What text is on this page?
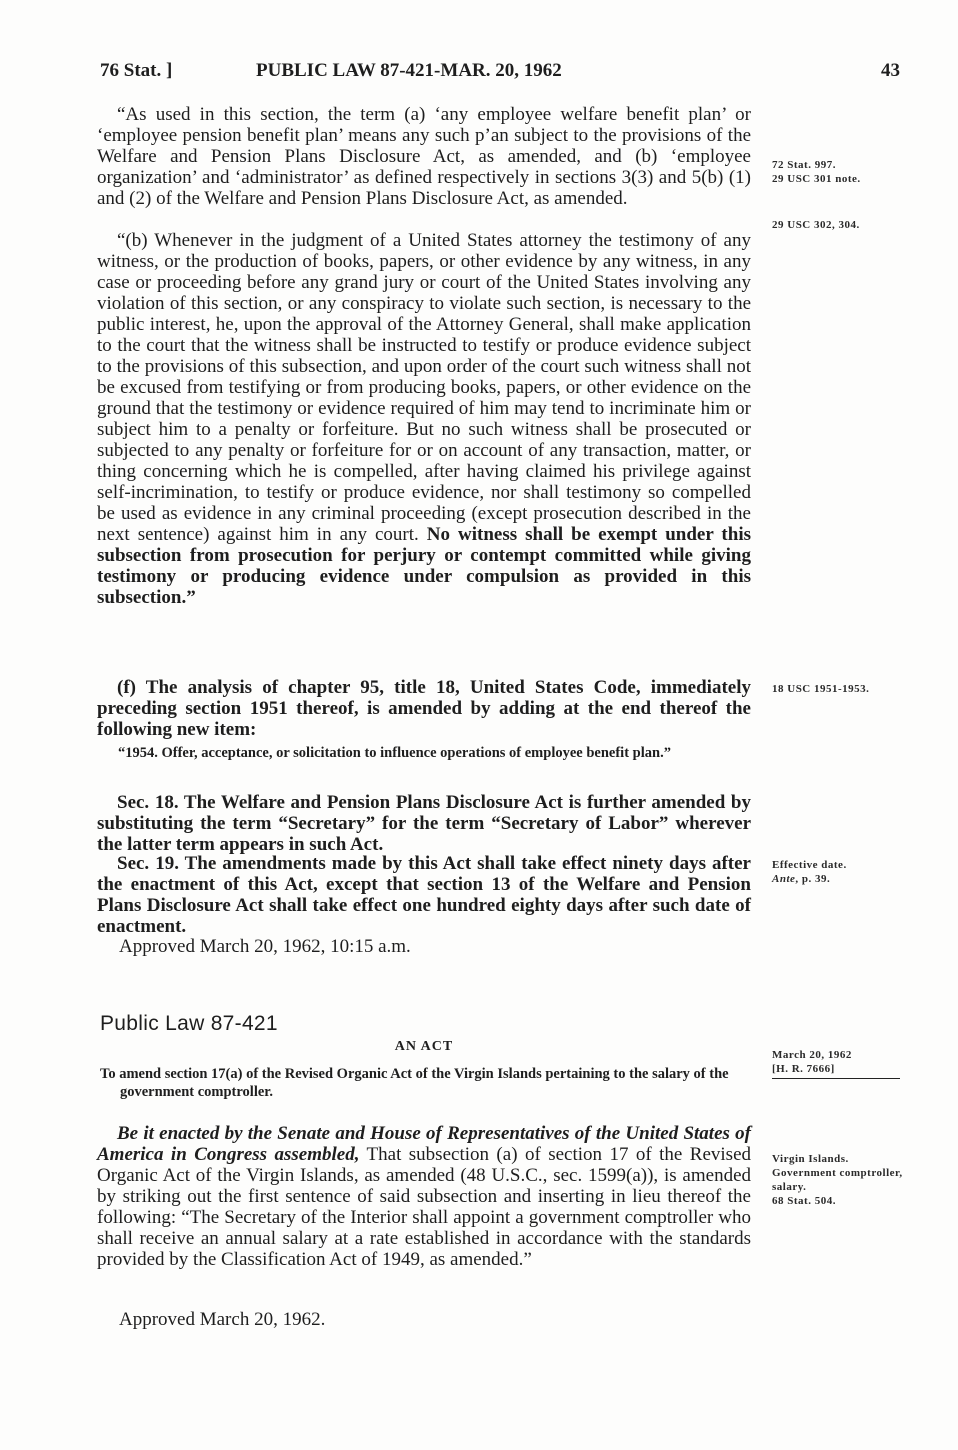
76 Stat. ]	PUBLIC LAW 87-421-MAR. 20, 1962	43

“As used in this section, the term (a) ‘any employee welfare benefit plan’ or ‘employee pension benefit plan’ means any such p’an subject to the provisions of the Welfare and Pension Plans Disclosure Act, as amended, and (b) ‘employee organization’ and ‘administrator’ as defined respectively in sections 3(3) and 5(b) (1) and (2) of the Welfare and Pension Plans Disclosure Act, as amended.

“(b) Whenever in the judgment of a United States attorney the testimony of any witness, or the production of books, papers, or other evidence by any witness, in any case or proceeding before any grand jury or court of the United States involving any violation of this section, or any conspiracy to violate such section, is necessary to the public interest, he, upon the approval of the Attorney General, shall make application to the court that the witness shall be instructed to testify or produce evidence subject to the provisions of this subsection, and upon order of the court such witness shall not be excused from testifying or from producing books, papers, or other evidence on the ground that the testimony or evidence required of him may tend to incriminate him or subject him to a penalty or forfeiture. But no such witness shall be prosecuted or subjected to any penalty or forfeiture for or on account of any transaction, matter, or thing concerning which he is compelled, after having claimed his privilege against self-incrimination, to testify or produce evidence, nor shall testimony so compelled be used as evidence in any criminal proceeding (except prosecution described in the next sentence) against him in any court. No witness shall be exempt under this subsection from prosecution for perjury or contempt committed while giving testimony or producing evidence under compulsion as provided in this subsection.”

(f) The analysis of chapter 95, title 18, United States Code, immediately preceding section 1951 thereof, is amended by adding at the end thereof the following new item:

“1954. Offer, acceptance, or solicitation to influence operations of employee benefit plan.”

Sec. 18. The Welfare and Pension Plans Disclosure Act is further amended by substituting the term “Secretary” for the term “Secretary of Labor” wherever the latter term appears in such Act.

Sec. 19. The amendments made by this Act shall take effect ninety days after the enactment of this Act, except that section 13 of the Welfare and Pension Plans Disclosure Act shall take effect one hundred eighty days after such date of enactment.

Approved March 20, 1962, 10:15 a.m.

Public Law 87-421
AN ACT
To amend section 17(a) of the Revised Organic Act of the Virgin Islands pertaining to the salary of the government comptroller.

Be it enacted by the Senate and House of Representatives of the United States of America in Congress assembled, That subsection (a) of section 17 of the Revised Organic Act of the Virgin Islands, as amended (48 U.S.C., sec. 1599(a)), is amended by striking out the first sentence of said subsection and inserting in lieu thereof the following: “The Secretary of the Interior shall appoint a government comptroller who shall receive an annual salary at a rate established in accordance with the standards provided by the Classification Act of 1949, as amended.”

Approved March 20, 1962.

72 Stat. 997.
29 USC 301 note.
29 USC 302, 304.
18 USC 1951-1953.
Effective date.
Ante, p. 39.
March 20, 1962
[H. R. 7666]
Virgin Islands.
Government comptroller, salary.
68 Stat. 504.
